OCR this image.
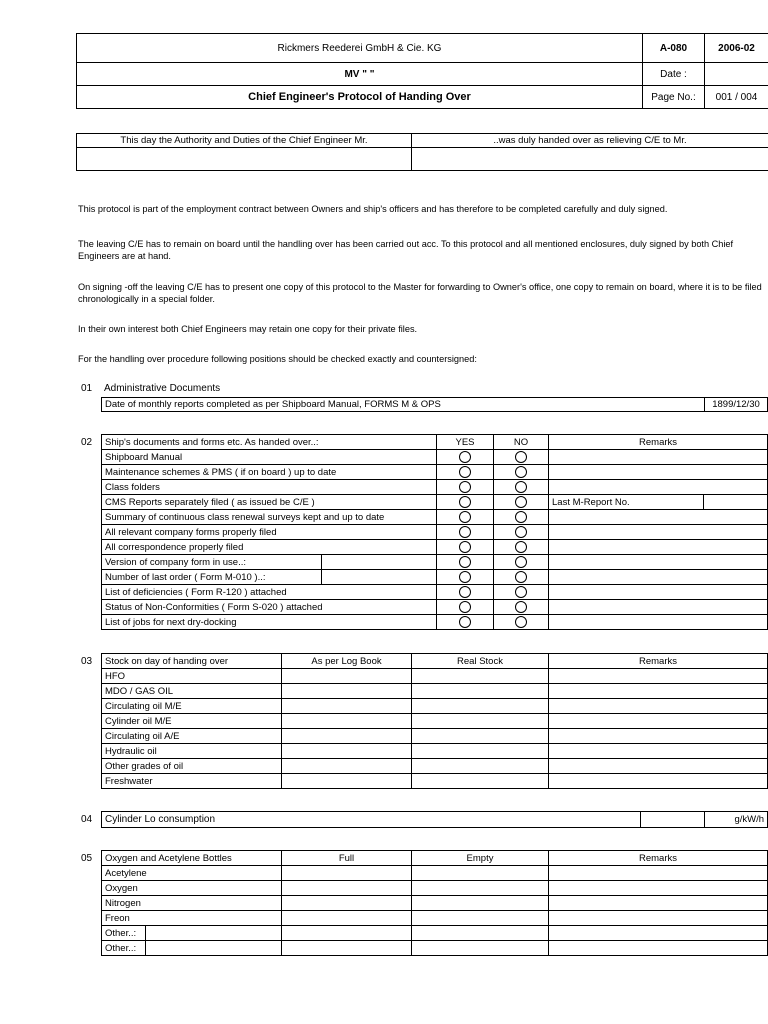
Rickmers Reederei GmbH & Cie. KG	A-080	2006-02
MV " "	Date :	
Chief Engineer's Protocol of Handing Over	Page No.:	001 / 004
This day the Authority and Duties of the Chief Engineer Mr.	..was duly handed over as relieving C/E to Mr.

This protocol is part of the employment contract between Owners and ship's officers and has therefore to be completed carefully and duly signed.
The leaving C/E has to remain on board until the handling over has been carried out acc. To this protocol and all mentioned enclosures, duly signed by both Chief Engineers are at hand.
On signing -off the leaving C/E has to present one copy of this protocol to the Master for forwarding to Owner's office, one copy to remain on board, where it is to be filed chronologically in a special folder.
In their own interest both Chief Engineers may retain one copy for their private files.
For the handling over procedure following positions should be checked exactly and countersigned:
01 Administrative Documents
Date of monthly reports completed as per Shipboard Manual, FORMS M & OPS	1899/12/30
02 Ship's documents and forms etc. As handed over..:		YES	NO	Remarks	
Shipboard Manual					
Maintenance schemes & PMS ( if on board ) up to date					
Class folders					
CMS Reports separately filed ( as issued be C/E )				Last M-Report No.	
Summary of continuous class renewal surveys kept and up to date					
All relevant company forms properly filed					
All correspondence properly filed					
Version of company form in use..:					
Number of last order ( Form M-010 )..:					
List of deficiencies ( Form R-120 ) attached					
Status of Non-Conformities ( Form S-020 ) attached					
List of jobs for next dry-docking					
03 Stock on day of handing over	As per Log Book	Real Stock	Remarks
HFO			
MDO / GAS OIL			
Circulating oil M/E			
Cylinder oil M/E			
Circulating oil A/E			
Hydraulic oil			
Other grades of oil			
Freshwater			
04 Cylinder Lo consumption		g/kW/h
05 Oxygen and Acetylene Bottles		Full	Empty	Remarks
Acetylene				
Oxygen				
Nitrogen				
Freon				
Other..:				
Other..:				
